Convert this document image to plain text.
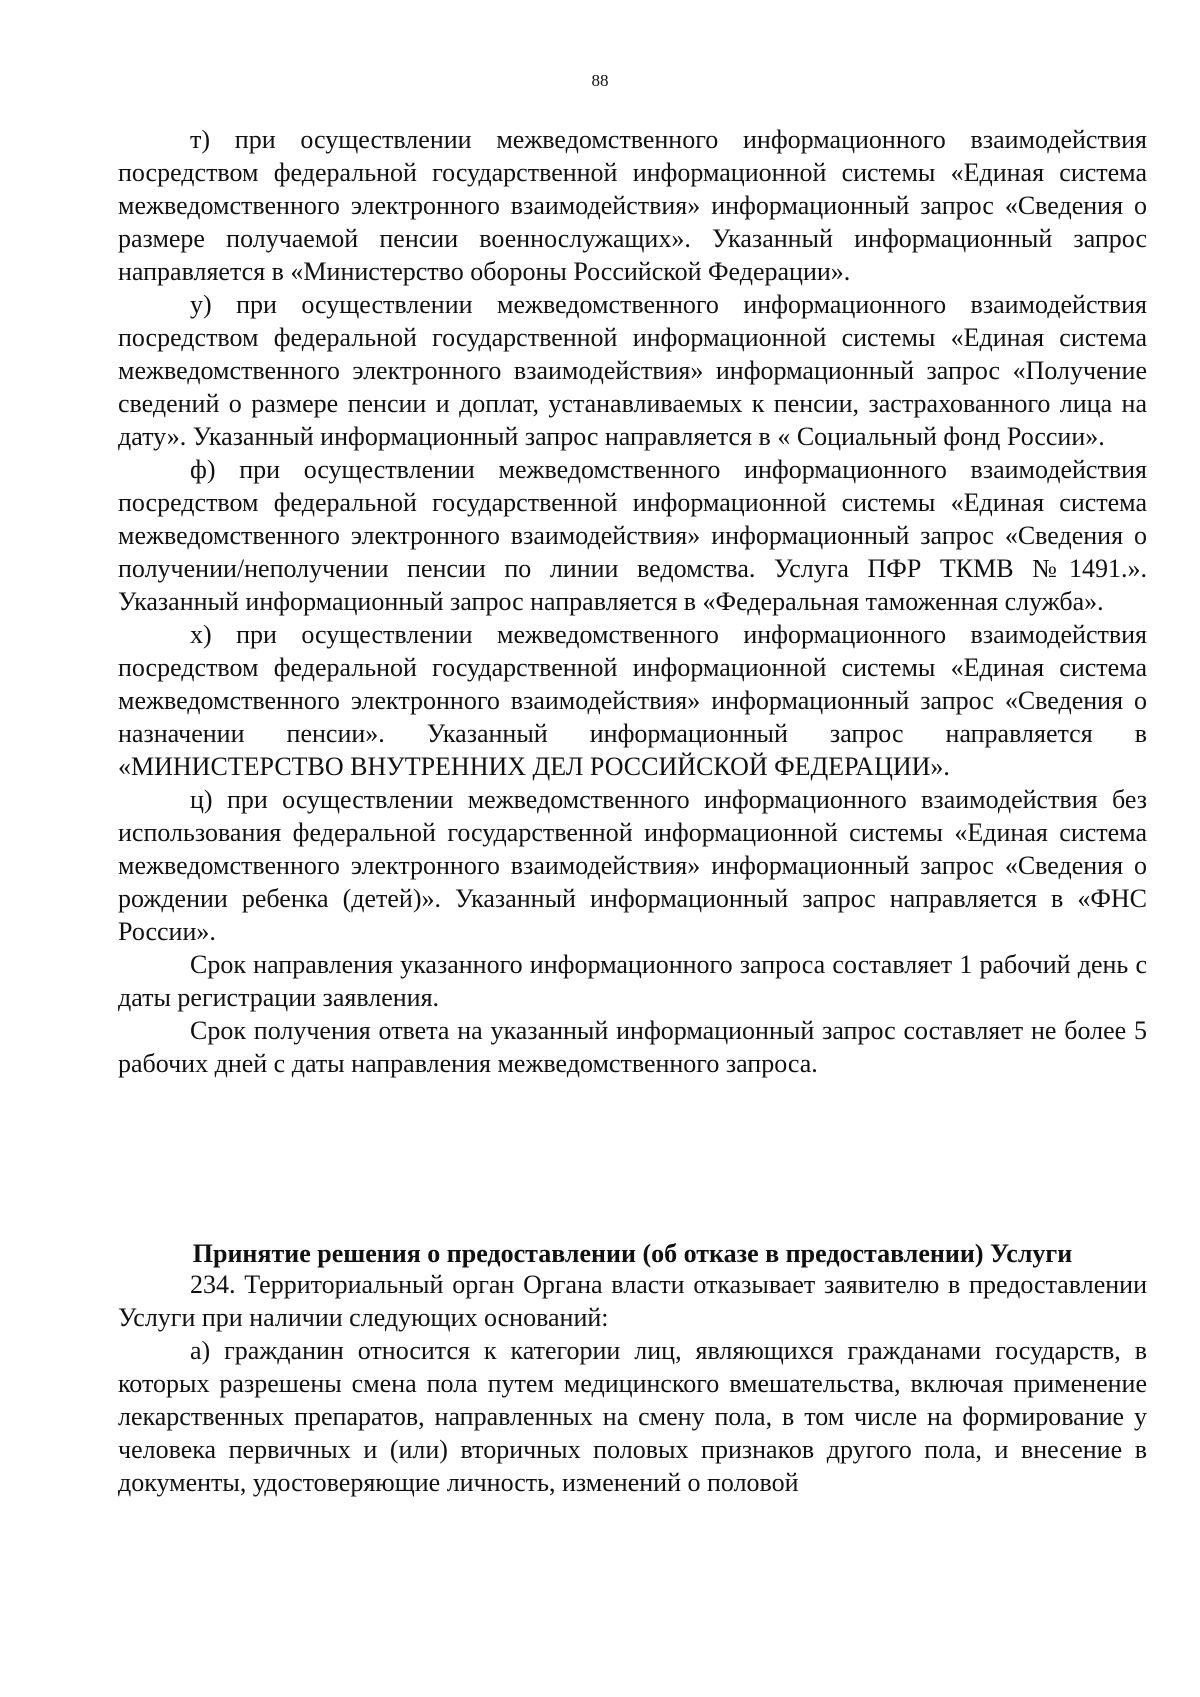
88

т) при осуществлении межведомственного информационного взаимодействия посредством федеральной государственной информационной системы «Единая система межведомственного электронного взаимодействия» информационный запрос «Сведения о размере получаемой пенсии военнослужащих». Указанный информационный запрос направляется в «Министерство обороны Российской Федерации».

у) при осуществлении межведомственного информационного взаимодействия посредством федеральной государственной информационной системы «Единая система межведомственного электронного взаимодействия» информационный запрос «Получение сведений о размере пенсии и доплат, устанавливаемых к пенсии, застрахованного лица на дату». Указанный информационный запрос направляется в « Социальный фонд России».

ф) при осуществлении межведомственного информационного взаимодействия посредством федеральной государственной информационной системы «Единая система межведомственного электронного взаимодействия» информационный запрос «Сведения о получении/неполучении пенсии по линии ведомства. Услуга ПФР ТКМВ №1491.». Указанный информационный запрос направляется в «Федеральная таможенная служба».

х) при осуществлении межведомственного информационного взаимодействия посредством федеральной государственной информационной системы «Единая система межведомственного электронного взаимодействия» информационный запрос «Сведения о назначении пенсии». Указанный информационный запрос направляется в «МИНИСТЕРСТВО ВНУТРЕННИХ ДЕЛ РОССИЙСКОЙ ФЕДЕРАЦИИ».

ц) при осуществлении межведомственного информационного взаимодействия без использования федеральной государственной информационной системы «Единая система межведомственного электронного взаимодействия» информационный запрос «Сведения о рождении ребенка (детей)». Указанный информационный запрос направляется в «ФНС России».

Срок направления указанного информационного запроса составляет 1 рабочий день с даты регистрации заявления.

Срок получения ответа на указанный информационный запрос составляет не более 5 рабочих дней с даты направления межведомственного запроса.

Принятие решения о предоставлении (об отказе в предоставлении) Услуги

234. Территориальный орган Органа власти отказывает заявителю в предоставлении Услуги при наличии следующих оснований:

а) гражданин относится к категории лиц, являющихся гражданами государств, в которых разрешены смена пола путем медицинского вмешательства, включая применение лекарственных препаратов, направленных на смену пола, в том числе на формирование у человека первичных и (или) вторичных половых признаков другого пола, и внесение в документы, удостоверяющие личность, изменений о половой
